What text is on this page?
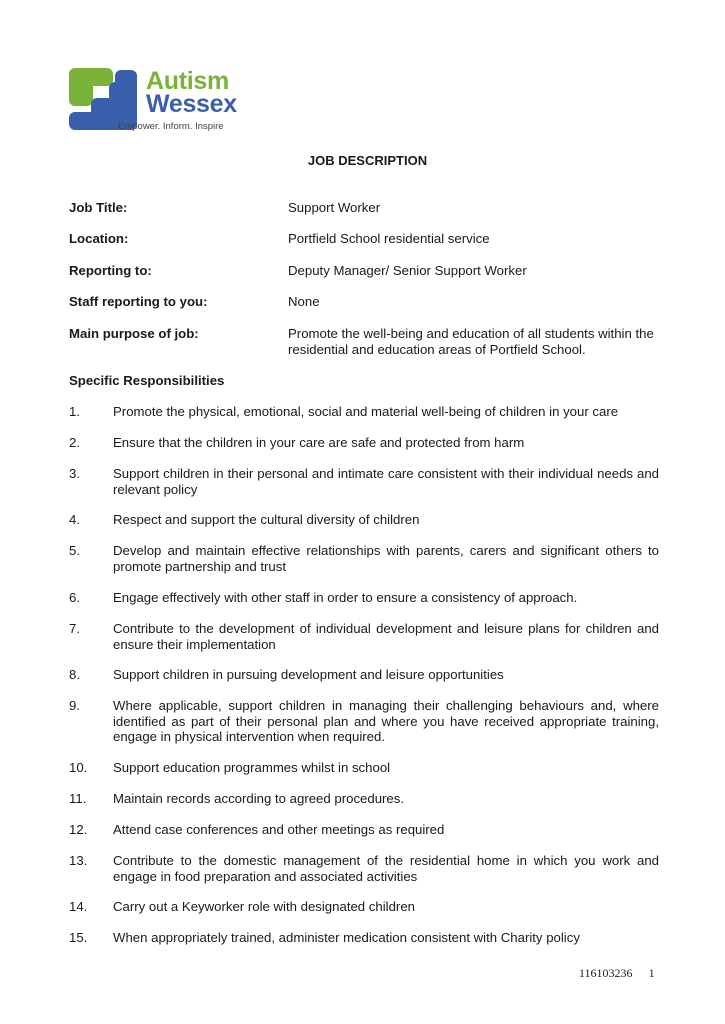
Autism
Wessex
Empower. Inform. Inspire
JOB DESCRIPTION
Job Title:	Support Worker
Location:	Portfield School residential service
Reporting to:	Deputy Manager/ Senior Support Worker
Staff reporting to you:	None
Main purpose of job:	Promote the well-being and education of all students within the residential and education areas of Portfield School.
Specific Responsibilities
1.	Promote the physical, emotional, social and material well-being of children in your care
2.	Ensure that the children in your care are safe and protected from harm
3.	Support children in their personal and intimate care consistent with their individual needs and relevant policy
4.	Respect and support the cultural diversity of children
5.	Develop and maintain effective relationships with parents, carers and significant others to promote partnership and trust
6.	Engage effectively with other staff in order to ensure a consistency of approach.
7.	Contribute to the development of individual development and leisure plans for children and ensure their implementation
8.	Support children in pursuing development and leisure opportunities
9.	Where applicable, support children in managing their challenging behaviours and, where identified as part of their personal plan and where you have received appropriate training, engage in physical intervention when required.
10. Support education programmes whilst in school
11. Maintain records according to agreed procedures.
12. Attend case conferences and other meetings as required
13. Contribute to the domestic management of the residential home in which you work and engage in food preparation and associated activities
14. Carry out a Keyworker role with designated children
15. When appropriately trained, administer medication consistent with Charity policy
116103236 1
